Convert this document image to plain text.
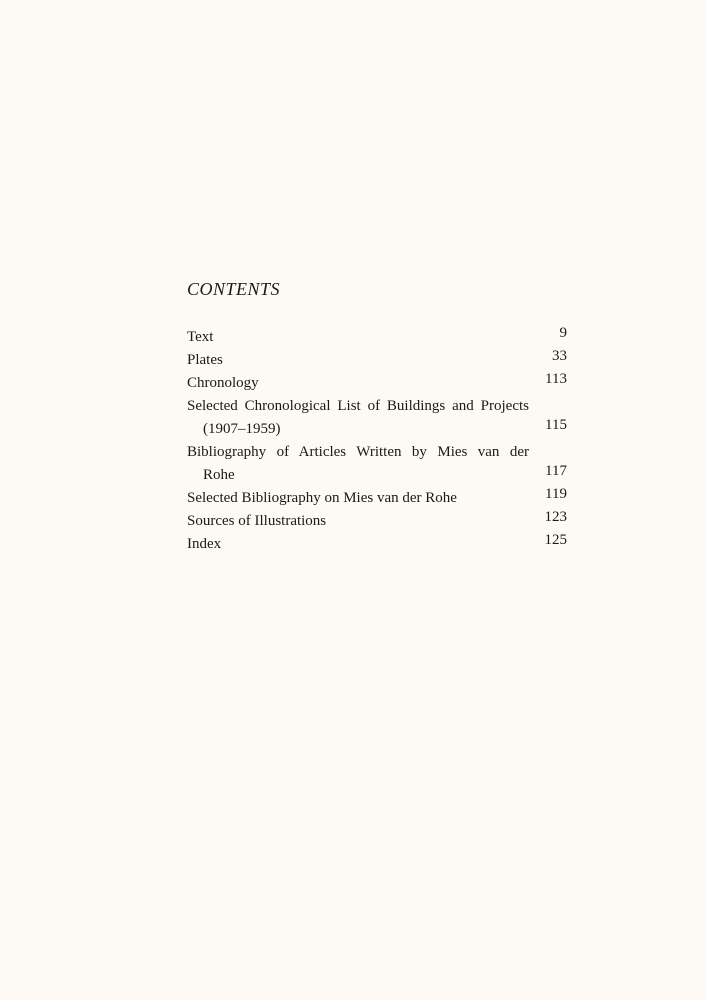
CONTENTS
Text	9
Plates	33
Chronology	113
Selected Chronological List of Buildings and Projects
(1907–1959)	115
Bibliography of Articles Written by Mies van der
Rohe	117
Selected Bibliography on Mies van der Rohe	119
Sources of Illustrations	123
Index	125
